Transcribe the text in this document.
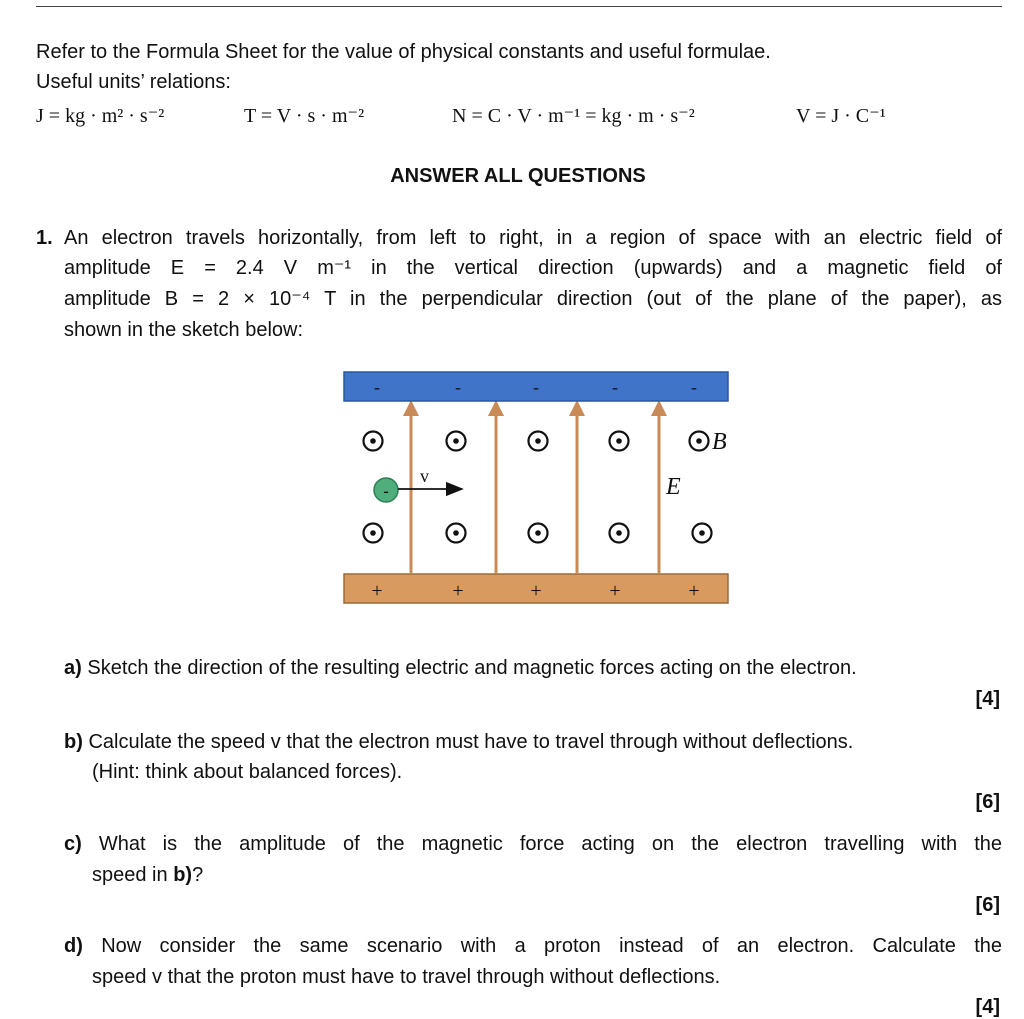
Refer to the Formula Sheet for the value of physical constants and useful formulae.
Useful units’ relations:
J = kg · m² · s⁻²	T = V · s · m⁻²	N = C · V · m⁻¹ = kg · m · s⁻²	V = J · C⁻¹
ANSWER ALL QUESTIONS
1. An electron travels horizontally, from left to right, in a region of space with an electric field of
amplitude E = 2.4 V m⁻¹ in the vertical direction (upwards) and a magnetic field of
amplitude B = 2 × 10⁻⁴ T in the perpendicular direction (out of the plane of the paper), as
shown in the sketch below:
-	-	-	-	-
+	+	+	+	+
B
E
-
v
a) Sketch the direction of the resulting electric and magnetic forces acting on the electron.
[4]
b) Calculate the speed v that the electron must have to travel through without deflections.
(Hint: think about balanced forces).
[6]
c) What is the amplitude of the magnetic force acting on the electron travelling with the
speed in b)?
[6]
d) Now consider the same scenario with a proton instead of an electron. Calculate the
speed v that the proton must have to travel through without deflections.
[4]
